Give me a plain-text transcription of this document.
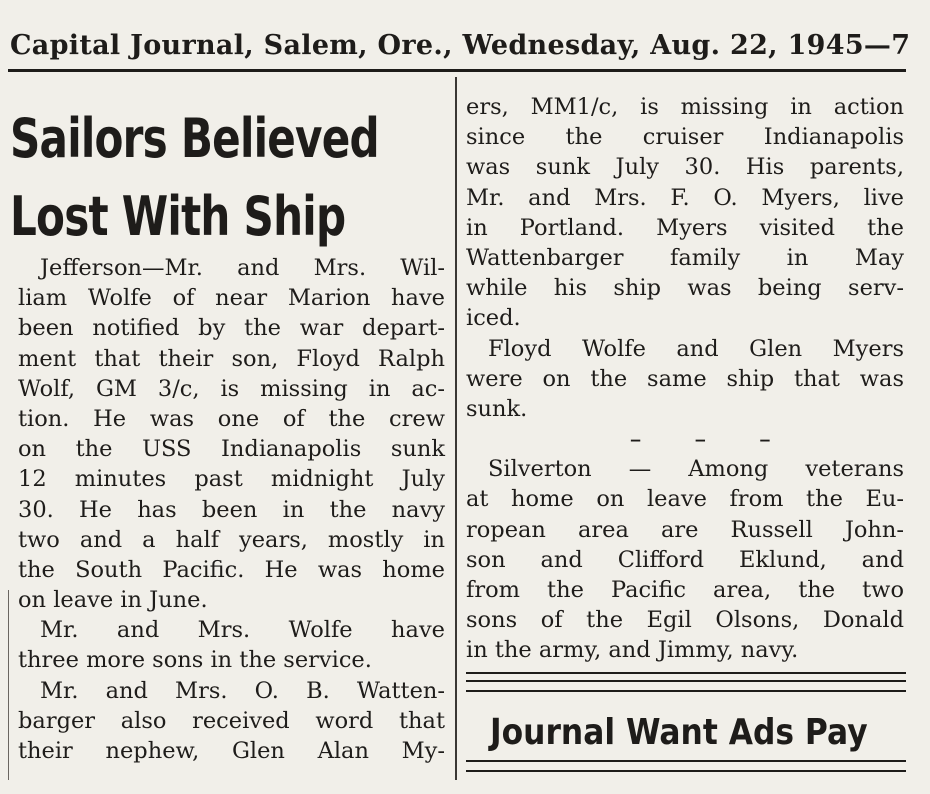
Capital Journal, Salem, Ore., Wednesday, Aug. 22, 1945—7
Sailors Believed
Lost With Ship
Jefferson—Mr. and Mrs. Wil-
liam Wolfe of near Marion have
been notified by the war depart-
ment that their son, Floyd Ralph
Wolf, GM 3/c, is missing in ac-
tion. He was one of the crew
on the USS Indianapolis sunk
12 minutes past midnight July
30. He has been in the navy
two and a half years, mostly in
the South Pacific. He was home
on leave in June.
Mr. and Mrs. Wolfe have
three more sons in the service.
Mr. and Mrs. O. B. Watten-
barger also received word that
their nephew, Glen Alan My-
ers, MM1/c, is missing in action
since the cruiser Indianapolis
was sunk July 30. His parents,
Mr. and Mrs. F. O. Myers, live
in Portland. Myers visited the
Wattenbarger family in May
while his ship was being serv-
iced.
Floyd Wolfe and Glen Myers
were on the same ship that was
sunk.
Silverton — Among veterans
at home on leave from the Eu-
ropean area are Russell John-
son and Clifford Eklund, and
from the Pacific area, the two
sons of the Egil Olsons, Donald
in the army, and Jimmy, navy.
‒ ‒ ‒
Journal Want Ads Pay
